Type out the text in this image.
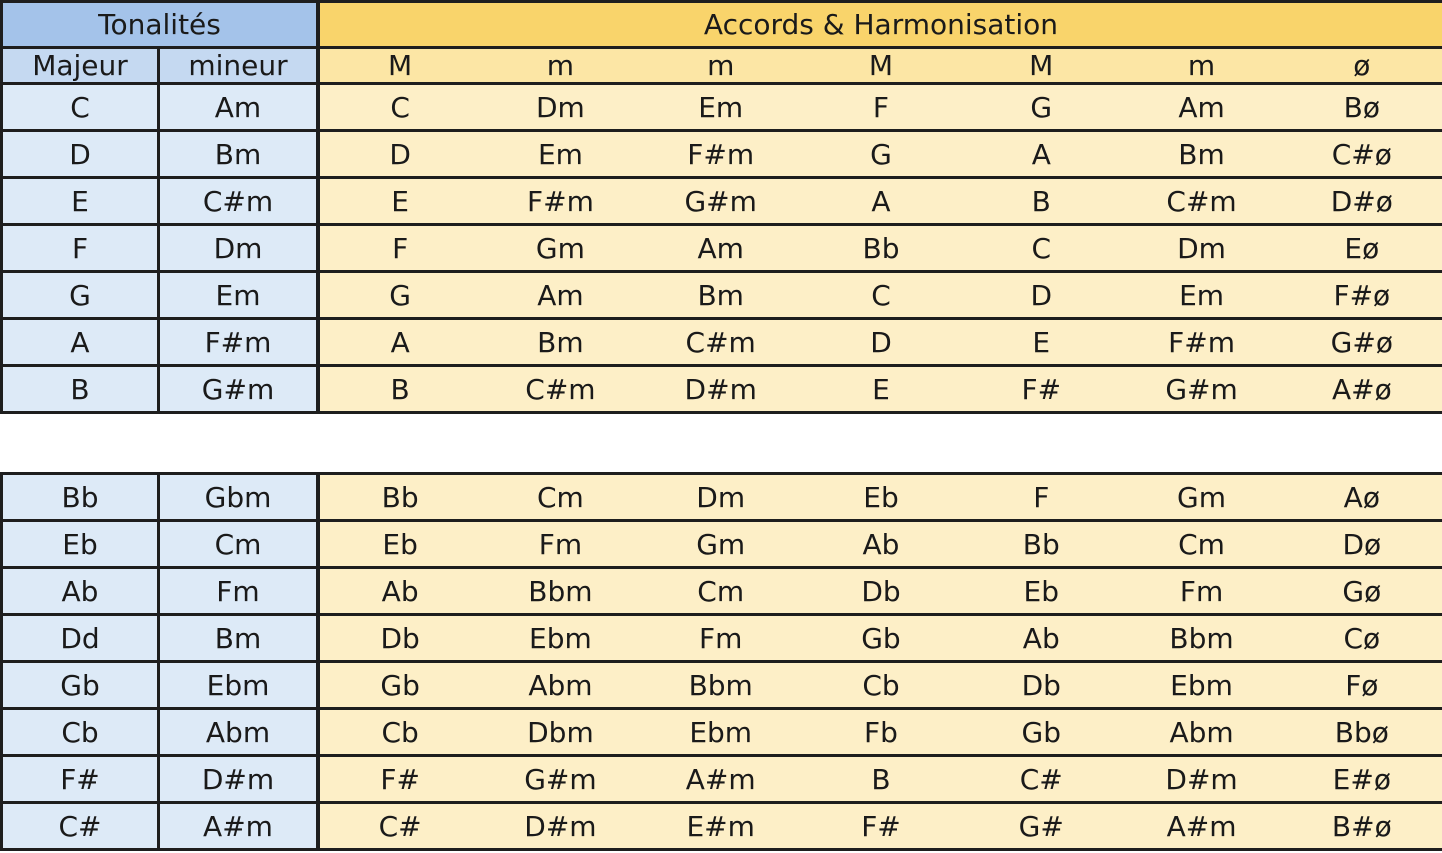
Tonalités	Accords & Harmonisation
Majeur	mineur	M	m	m	M	M	m	ø
C	Am	C	Dm	Em	F	G	Am	Bø
D	Bm	D	Em	F#m	G	A	Bm	C#ø
E	C#m	E	F#m	G#m	A	B	C#m	D#ø
F	Dm	F	Gm	Am	Bb	C	Dm	Eø
G	Em	G	Am	Bm	C	D	Em	F#ø
A	F#m	A	Bm	C#m	D	E	F#m	G#ø
B	G#m	B	C#m	D#m	E	F#	G#m	A#ø
Bb	Gbm	Bb	Cm	Dm	Eb	F	Gm	Aø
Eb	Cm	Eb	Fm	Gm	Ab	Bb	Cm	Dø
Ab	Fm	Ab	Bbm	Cm	Db	Eb	Fm	Gø
Dd	Bm	Db	Ebm	Fm	Gb	Ab	Bbm	Cø
Gb	Ebm	Gb	Abm	Bbm	Cb	Db	Ebm	Fø
Cb	Abm	Cb	Dbm	Ebm	Fb	Gb	Abm	Bbø
F#	D#m	F#	G#m	A#m	B	C#	D#m	E#ø
C#	A#m	C#	D#m	E#m	F#	G#	A#m	B#ø
